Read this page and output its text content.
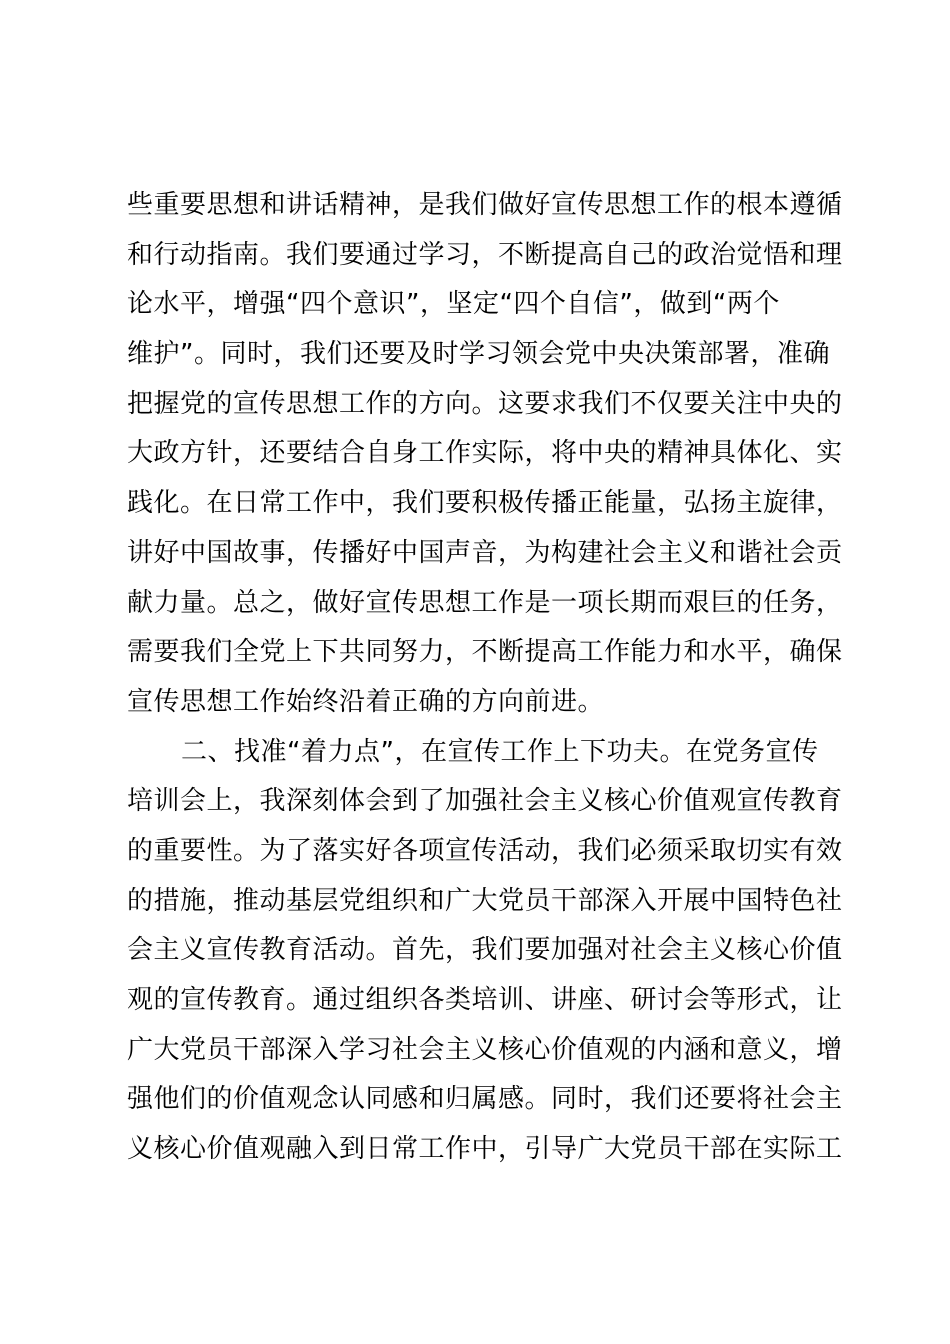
些重要思想和讲话精神，是我们做好宣传思想工作的根本遵循
和行动指南。我们要通过学习，不断提高自己的政治觉悟和理
论水平，增强“四个意识”，坚定“四个自信”，做到“两个
维护”。同时，我们还要及时学习领会党中央决策部署，准确
把握党的宣传思想工作的方向。这要求我们不仅要关注中央的
大政方针，还要结合自身工作实际，将中央的精神具体化、实
践化。在日常工作中，我们要积极传播正能量，弘扬主旋律，
讲好中国故事，传播好中国声音，为构建社会主义和谐社会贡
献力量。总之，做好宣传思想工作是一项长期而艰巨的任务，
需要我们全党上下共同努力，不断提高工作能力和水平，确保
宣传思想工作始终沿着正确的方向前进。
二、找准“着力点”，在宣传工作上下功夫。在党务宣传
培训会上，我深刻体会到了加强社会主义核心价值观宣传教育
的重要性。为了落实好各项宣传活动，我们必须采取切实有效
的措施，推动基层党组织和广大党员干部深入开展中国特色社
会主义宣传教育活动。首先，我们要加强对社会主义核心价值
观的宣传教育。通过组织各类培训、讲座、研讨会等形式，让
广大党员干部深入学习社会主义核心价值观的内涵和意义，增
强他们的价值观念认同感和归属感。同时，我们还要将社会主
义核心价值观融入到日常工作中，引导广大党员干部在实际工
